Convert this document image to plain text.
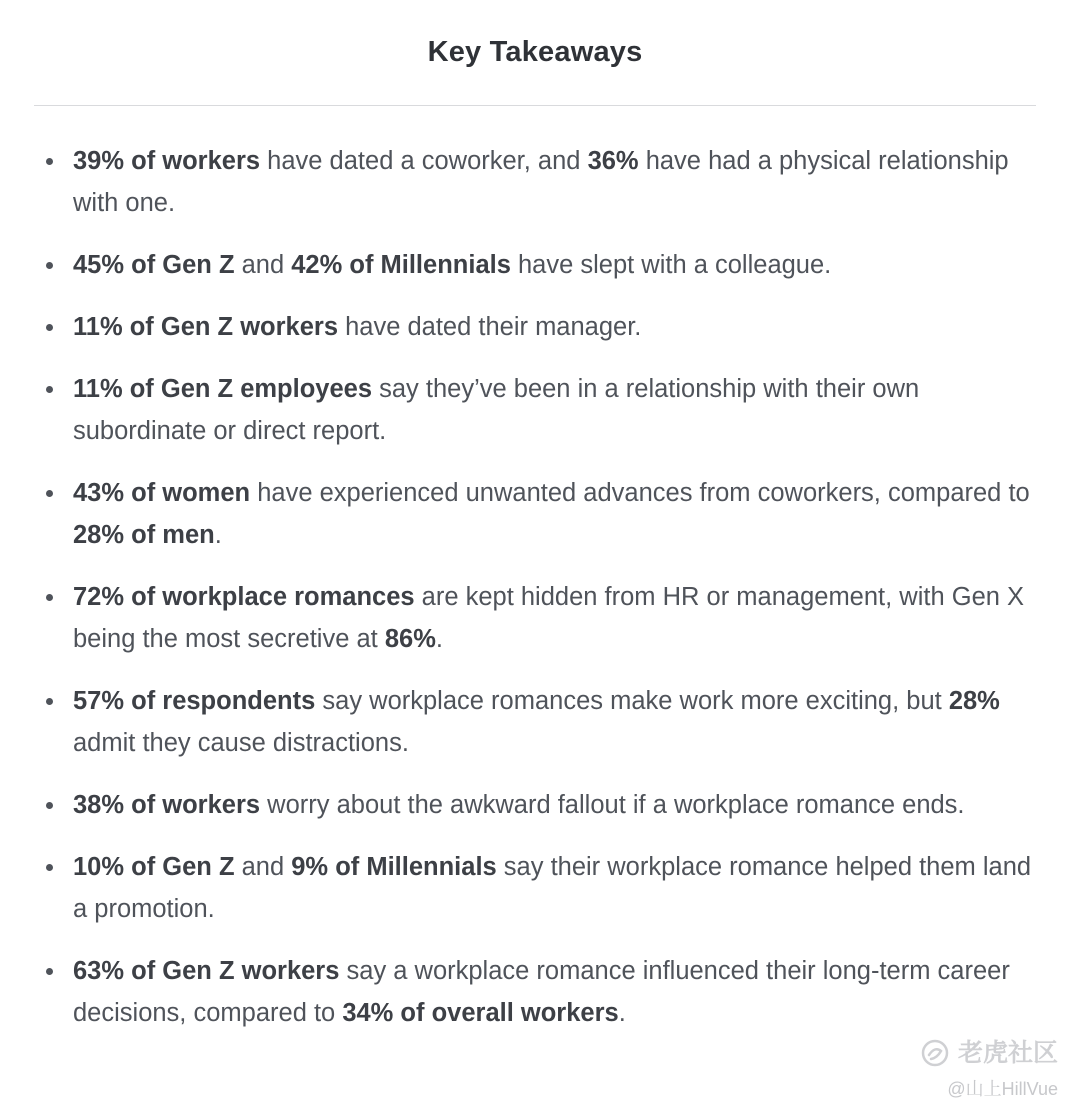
Key Takeaways
39% of workers have dated a coworker, and 36% have had a physical relationship with one.
45% of Gen Z and 42% of Millennials have slept with a colleague.
11% of Gen Z workers have dated their manager.
11% of Gen Z employees say they’ve been in a relationship with their own subordinate or direct report.
43% of women have experienced unwanted advances from coworkers, compared to 28% of men.
72% of workplace romances are kept hidden from HR or management, with Gen X being the most secretive at 86%.
57% of respondents say workplace romances make work more exciting, but 28% admit they cause distractions.
38% of workers worry about the awkward fallout if a workplace romance ends.
10% of Gen Z and 9% of Millennials say their workplace romance helped them land a promotion.
63% of Gen Z workers say a workplace romance influenced their long-term career decisions, compared to 34% of overall workers.
老虎社区
@山上HillVue
